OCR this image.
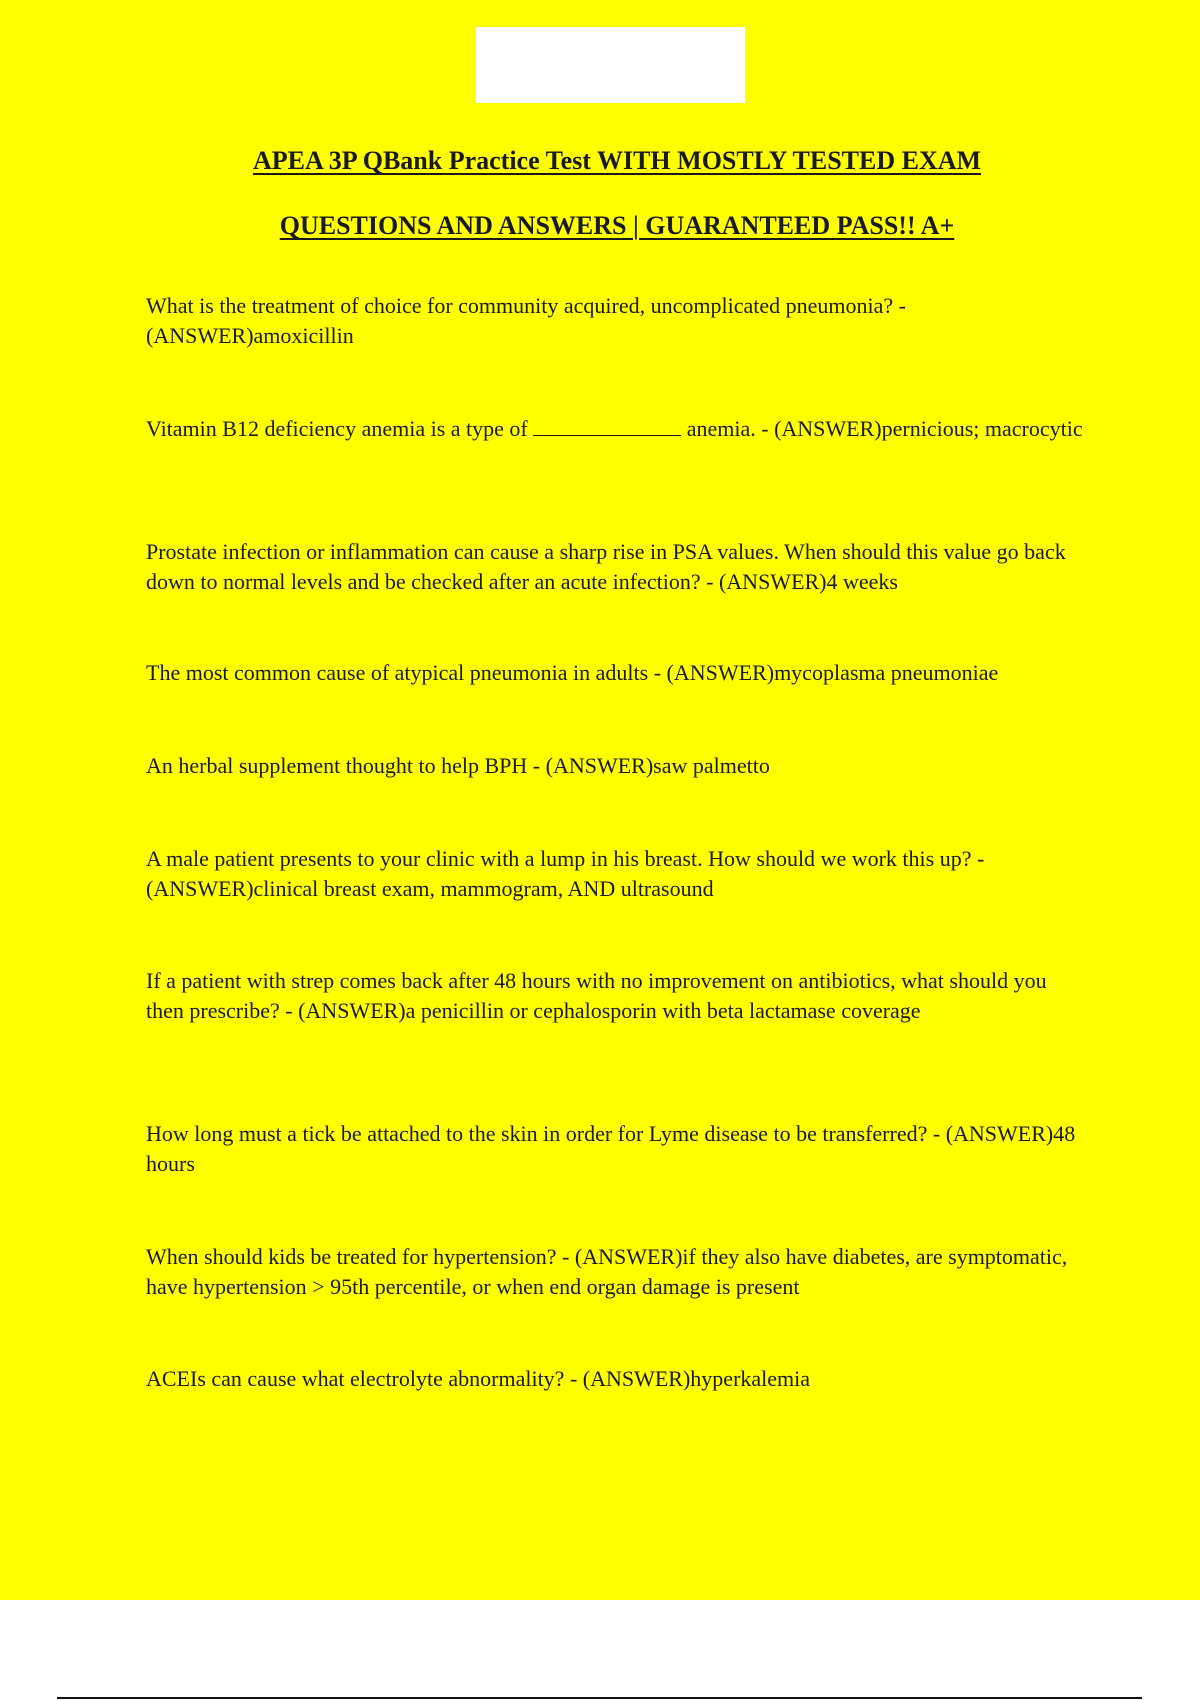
APEA 3P QBank Practice Test WITH MOSTLY TESTED EXAM

QUESTIONS AND ANSWERS | GUARANTEED PASS!! A+

What is the treatment of choice for community acquired, uncomplicated pneumonia? - (ANSWER)amoxicillin

Vitamin B12 deficiency anemia is a type of	anemia. - (ANSWER)pernicious; macrocytic

Prostate infection or inflammation can cause a sharp rise in PSA values. When should this value go back down to normal levels and be checked after an acute infection? - (ANSWER)4 weeks

The most common cause of atypical pneumonia in adults - (ANSWER)mycoplasma pneumoniae

An herbal supplement thought to help BPH - (ANSWER)saw palmetto

A male patient presents to your clinic with a lump in his breast. How should we work this up? - (ANSWER)clinical breast exam, mammogram, AND ultrasound

If a patient with strep comes back after 48 hours with no improvement on antibiotics, what should you then prescribe? - (ANSWER)a penicillin or cephalosporin with beta lactamase coverage

How long must a tick be attached to the skin in order for Lyme disease to be transferred? - (ANSWER)48 hours

When should kids be treated for hypertension? - (ANSWER)if they also have diabetes, are symptomatic, have hypertension > 95th percentile, or when end organ damage is present

ACEIs can cause what electrolyte abnormality? - (ANSWER)hyperkalemia
